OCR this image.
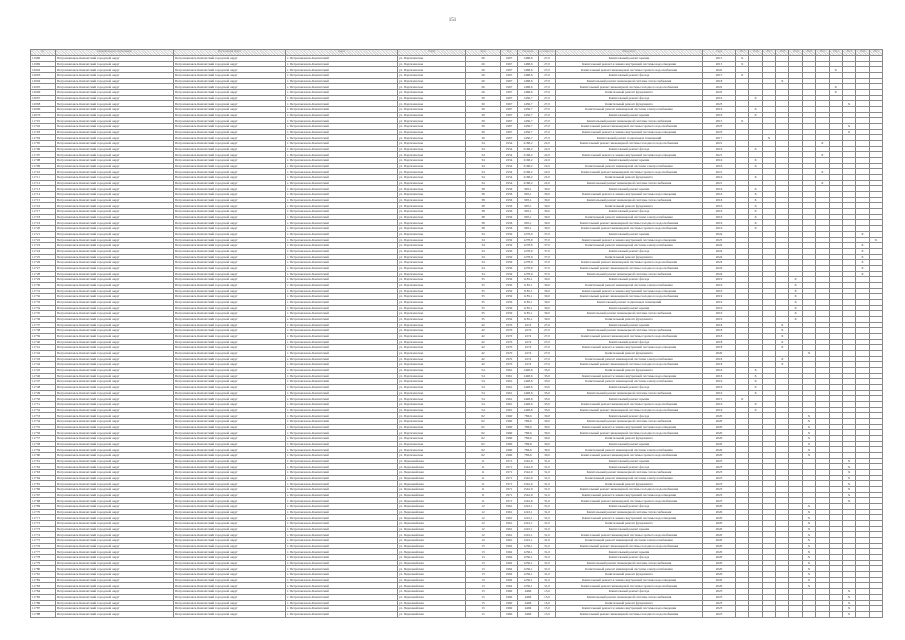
151
№	Муниципальное образование	Населенный пункт	Адрес	Улица	Дом	Год	Площадь	Стоимость	Вид работ	Срок	2015	2016	2017	2018	2019	2020	2021	2022	2023	2024	2025
11966	Петропавловск-Камчатский городской округ	Петропавловск-Камчатский городской округ	г. Петропавловск-Камчатский	ул. Партизанская	26	1967	1468,6	27,0	Капитальный ремонт крыши	2015	X										
11969	Петропавловск-Камчатский городской округ	Петропавловск-Камчатский городской округ	г. Петропавловск-Камчатский	ул. Партизанская	26	1967	1468,6	27,0	Капитальный ремонт и замена внутренней системы водоотведения	2015	X										
12062	Петропавловск-Камчатский городской округ	Петропавловск-Камчатский городской округ	г. Петропавловск-Камчатский	ул. Партизанская	26	1967	1468,6	27,0	Капитальный ремонт инженерной системы горячего водоснабжения	2022								X			
12063	Петропавловск-Камчатский городской округ	Петропавловск-Камчатский городской округ	г. Петропавловск-Камчатский	ул. Партизанская	26	1967	1468,6	27,0	Капитальный ремонт фасада	2015	X										
12064	Петропавловск-Камчатский городской округ	Петропавловск-Камчатский городской округ	г. Петропавловск-Камчатский	ул. Партизанская	26	1967	1468,6	27,0	Капитальный ремонт инженерной системы теплоснабжения	2018				X							
12065	Петропавловск-Камчатский городской округ	Петропавловск-Камчатский городской округ	г. Петропавловск-Камчатский	ул. Партизанская	26	1967	1468,6	27,0	Капитальный ремонт инженерной системы холодного водоснабжения	2022								X			
12066	Петропавловск-Камчатский городской округ	Петропавловск-Камчатский городской округ	г. Петропавловск-Камчатский	ул. Партизанская	26	1967	1468,6	27,0	Капитальный ремонт фундамента	2022								X			
12067	Петропавловск-Камчатский городской округ	Петропавловск-Камчатский городской округ	г. Петропавловск-Камчатский	ул. Партизанская	30	1967	1436,7	27,0	Капитальный ремонт фасада	2016		X									
12068	Петропавловск-Камчатский городской округ	Петропавловск-Камчатский городской округ	г. Петропавловск-Камчатский	ул. Партизанская	30	1967	1436,7	27,0	Капитальный ремонт фундамента	2023									X		
12069	Петропавловск-Камчатский городской округ	Петропавловск-Камчатский городской округ	г. Петропавловск-Камчатский	ул. Партизанская	30	1967	1436,7	27,0	Капитальный ремонт инженерной системы электроснабжения	2016		X									
12070	Петропавловск-Камчатский городской округ	Петропавловск-Камчатский городской округ	г. Петропавловск-Камчатский	ул. Партизанская	30	1967	1436,7	27,0	Капитальный ремонт крыши	2016		X									
11701	Петропавловск-Камчатский городской округ	Петропавловск-Камчатский городской округ	г. Петропавловск-Камчатский	ул. Партизанская	30	1967	1436,7	27,0	Капитальный ремонт инженерной системы теплоснабжения	2015	X										
11702	Петропавловск-Камчатский городской округ	Петропавловск-Камчатский городской округ	г. Петропавловск-Камчатский	ул. Партизанская	30	1967	1436,7	27,0	Капитальный ремонт инженерной системы горячего водоснабжения	2023									X		
11703	Петропавловск-Камчатский городской округ	Петропавловск-Камчатский городской округ	г. Петропавловск-Камчатский	ул. Партизанская	30	1967	1436,7	27,0	Капитальный ремонт и замена внутренней системы водоотведения	2023									X		
11704	Петропавловск-Камчатский городской округ	Петропавловск-Камчатский городской округ	г. Петропавловск-Камчатский	ул. Партизанская	30	1967	1436,7	27,0	Капитальный ремонт подвальных помещений	2017			X								
11705	Петропавловск-Камчатский городской округ	Петропавловск-Камчатский городской округ	г. Петропавловск-Камчатский	ул. Партизанская	34	1954	2168,2	22,0	Капитальный ремонт инженерной системы холодного водоснабжения	2021							X				
11706	Петропавловск-Камчатский городской округ	Петропавловск-Камчатский городской округ	г. Петропавловск-Камчатский	ул. Партизанская	34	1954	2168,2	22,0	Капитальный ремонт фасада	2016		X									
11707	Петропавловск-Камчатский городской округ	Петропавловск-Камчатский городской округ	г. Петропавловск-Камчатский	ул. Партизанская	34	1954	2168,2	22,0	Капитальный ремонт и замена внутренней системы водоотведения	2021							X				
11708	Петропавловск-Камчатский городской округ	Петропавловск-Камчатский городской округ	г. Петропавловск-Камчатский	ул. Партизанская	34	1954	2168,2	22,0	Капитальный ремонт крыши	2016		X									
11709	Петропавловск-Камчатский городской округ	Петропавловск-Камчатский городской округ	г. Петропавловск-Камчатский	ул. Партизанская	34	1954	2168,2	22,0	Капитальный ремонт инженерной системы электроснабжения	2016		X									
11710	Петропавловск-Камчатский городской округ	Петропавловск-Камчатский городской округ	г. Петропавловск-Камчатский	ул. Партизанская	34	1954	2168,2	22,0	Капитальный ремонт инженерной системы горячего водоснабжения	2021							X				
11711	Петропавловск-Камчатский городской округ	Петропавловск-Камчатский городской округ	г. Петропавловск-Камчатский	ул. Партизанская	34	1954	2168,2	22,0	Капитальный ремонт фундамента	2016		X									
11712	Петропавловск-Камчатский городской округ	Петропавловск-Камчатский городской округ	г. Петропавловск-Камчатский	ул. Партизанская	34	1954	2168,2	22,0	Капитальный ремонт инженерной системы теплоснабжения	2021							X				
11713	Петропавловск-Камчатский городской округ	Петропавловск-Камчатский городской округ	г. Петропавловск-Камчатский	ул. Партизанская	38	1956	995,1	30,0	Капитальный ремонт крыши	2016		X									
11714	Петропавловск-Камчатский городской округ	Петропавловск-Камчатский городской округ	г. Петропавловск-Камчатский	ул. Партизанская	38	1956	995,1	30,0	Капитальный ремонт и замена внутренней системы водоотведения	2016		X									
11715	Петропавловск-Камчатский городской округ	Петропавловск-Камчатский городской округ	г. Петропавловск-Камчатский	ул. Партизанская	38	1956	995,1	30,0	Капитальный ремонт инженерной системы теплоснабжения	2016		X									
11716	Петропавловск-Камчатский городской округ	Петропавловск-Камчатский городской округ	г. Петропавловск-Камчатский	ул. Партизанская	38	1956	995,1	30,0	Капитальный ремонт фундамента	2016		X									
11717	Петропавловск-Камчатский городской округ	Петропавловск-Камчатский городской округ	г. Петропавловск-Камчатский	ул. Партизанская	38	1956	995,1	30,0	Капитальный ремонт фасада	2016		X									
11718	Петропавловск-Камчатский городской округ	Петропавловск-Камчатский городской округ	г. Петропавловск-Камчатский	ул. Партизанская	38	1956	995,1	30,0	Капитальный ремонт инженерной системы электроснабжения	2016		X									
11719	Петропавловск-Камчатский городской округ	Петропавловск-Камчатский городской округ	г. Петропавловск-Камчатский	ул. Партизанская	38	1956	995,1	30,0	Капитальный ремонт инженерной системы холодного водоснабжения	2016		X									
11720	Петропавловск-Камчатский городской округ	Петропавловск-Камчатский городской округ	г. Петропавловск-Камчатский	ул. Партизанская	38	1956	995,1	30,0	Капитальный ремонт инженерной системы горячего водоснабжения	2016		X									
11721	Петропавловск-Камчатский городской округ	Петропавловск-Камчатский городской округ	г. Петропавловск-Камчатский	ул. Партизанская	34	1959	1278,9	37,0	Капитальный ремонт крыши	2024										X	
11722	Петропавловск-Камчатский городской округ	Петропавловск-Камчатский городской округ	г. Петропавловск-Камчатский	ул. Партизанская	34	1959	1278,9	37,0	Капитальный ремонт и замена внутренней системы водоотведения	2025											X
11723	Петропавловск-Камчатский городской округ	Петропавловск-Камчатский городской округ	г. Петропавловск-Камчатский	ул. Партизанская	34	1959	1278,9	37,0	Капитальный ремонт инженерной системы электроснабжения	2024										X	
11724	Петропавловск-Камчатский городской округ	Петропавловск-Камчатский городской округ	г. Петропавловск-Камчатский	ул. Партизанская	34	1959	1278,9	37,0	Капитальный ремонт фасада	2024										X	
11725	Петропавловск-Камчатский городской округ	Петропавловск-Камчатский городской округ	г. Петропавловск-Камчатский	ул. Партизанская	34	1959	1278,9	37,0	Капитальный ремонт фундамента	2024										X	
11726	Петропавловск-Камчатский городской округ	Петропавловск-Камчатский городской округ	г. Петропавловск-Камчатский	ул. Партизанская	34	1959	1278,9	37,0	Капитальный ремонт инженерной системы горячего водоснабжения	2024										X	
11727	Петропавловск-Камчатский городской округ	Петропавловск-Камчатский городской округ	г. Петропавловск-Камчатский	ул. Партизанская	34	1959	1278,9	37,0	Капитальный ремонт инженерной системы холодного водоснабжения	2024										X	
11728	Петропавловск-Камчатский городской округ	Петропавловск-Камчатский городской округ	г. Петропавловск-Камчатский	ул. Партизанская	34	1959	1278,9	37,0	Капитальный ремонт инженерной системы теплоснабжения	2024										X	
11729	Петропавловск-Камчатский городской округ	Петропавловск-Камчатский городской округ	г. Петропавловск-Камчатский	ул. Партизанская	35	1959	1185,1	30,0	Капитальный ремонт фасада	2019					X						
11730	Петропавловск-Камчатский городской округ	Петропавловск-Камчатский городской округ	г. Петропавловск-Камчатский	ул. Партизанская	35	1959	1185,1	30,0	Капитальный ремонт инженерной системы электроснабжения	2019					X						
11731	Петропавловск-Камчатский городской округ	Петропавловск-Камчатский городской округ	г. Петропавловск-Камчатский	ул. Партизанская	35	1959	1185,1	30,0	Капитальный ремонт и замена внутренней системы водоотведения	2019					X						
11732	Петропавловск-Камчатский городской округ	Петропавловск-Камчатский городской округ	г. Петропавловск-Камчатский	ул. Партизанская	35	1959	1185,1	30,0	Капитальный ремонт инженерной системы холодного водоснабжения	2019					X						
11733	Петропавловск-Камчатский городской округ	Петропавловск-Камчатский городской округ	г. Петропавловск-Камчатский	ул. Партизанская	35	1959	1185,1	30,0	Капитальный ремонт подвальных помещений	2019					X						
11734	Петропавловск-Камчатский городской округ	Петропавловск-Камчатский городской округ	г. Петропавловск-Камчатский	ул. Партизанская	35	1959	1185,1	30,0	Капитальный ремонт крыши	2019					X						
11735	Петропавловск-Камчатский городской округ	Петропавловск-Камчатский городской округ	г. Петропавловск-Камчатский	ул. Партизанская	35	1959	1185,1	30,0	Капитальный ремонт инженерной системы теплоснабжения	2019					X						
11736	Петропавловск-Камчатский городской округ	Петропавловск-Камчатский городской округ	г. Петропавловск-Камчатский	ул. Партизанская	35	1959	1185,1	30,0	Капитальный ремонт фундамента	2019					X						
11737	Петропавловск-Камчатский городской округ	Петропавловск-Камчатский городской округ	г. Петропавловск-Камчатский	ул. Партизанская	42	1970	2274	27,0	Капитальный ремонт крыши	2018				X							
11738	Петропавловск-Камчатский городской округ	Петропавловск-Камчатский городской округ	г. Петропавловск-Камчатский	ул. Партизанская	42	1970	2274	27,0	Капитальный ремонт инженерной системы теплоснабжения	2018				X							
11739	Петропавловск-Камчатский городской округ	Петропавловск-Камчатский городской округ	г. Петропавловск-Камчатский	ул. Партизанская	42	1970	2274	27,0	Капитальный ремонт инженерной системы горячего водоснабжения	2018				X							
11740	Петропавловск-Камчатский городской округ	Петропавловск-Камчатский городской округ	г. Петропавловск-Камчатский	ул. Партизанская	42	1970	2274	27,0	Капитальный ремонт фасада	2018				X							
11741	Петропавловск-Камчатский городской округ	Петропавловск-Камчатский городской округ	г. Петропавловск-Камчатский	ул. Партизанская	42	1970	2274	27,0	Капитальный ремонт и замена внутренней системы водоотведения	2018				X							
11742	Петропавловск-Камчатский городской округ	Петропавловск-Камчатский городской округ	г. Петропавловск-Камчатский	ул. Партизанская	42	1970	2274	27,0	Капитальный ремонт фундамента	2020						X					
11743	Петропавловск-Камчатский городской округ	Петропавловск-Камчатский городской округ	г. Петропавловск-Камчатский	ул. Партизанская	42	1970	2274	27,0	Капитальный ремонт инженерной системы электроснабжения	2018				X							
11744	Петропавловск-Камчатский городской округ	Петропавловск-Камчатский городской округ	г. Петропавловск-Камчатский	ул. Партизанская	42	1970	2274	27,0	Капитальный ремонт инженерной системы холодного водоснабжения	2018				X							
11745	Петропавловск-Камчатский городской округ	Петропавловск-Камчатский городской округ	г. Петропавловск-Камчатский	ул. Партизанская	54	1961	1448,6	33,0	Капитальный ремонт фундамента	2016		X									
11746	Петропавловск-Камчатский городской округ	Петропавловск-Камчатский городской округ	г. Петропавловск-Камчатский	ул. Партизанская	54	1961	1448,6	33,0	Капитальный ремонт и замена внутренней системы водоотведения	2016		X									
11747	Петропавловск-Камчатский городской округ	Петропавловск-Камчатский городской округ	г. Петропавловск-Камчатский	ул. Партизанская	54	1961	1448,6	33,0	Капитальный ремонт инженерной системы электроснабжения	2016		X									
11748	Петропавловск-Камчатский городской округ	Петропавловск-Камчатский городской округ	г. Петропавловск-Камчатский	ул. Партизанская	54	1961	1448,6	33,0	Капитальный ремонт фасада	2016		X									
11749	Петропавловск-Камчатский городской округ	Петропавловск-Камчатский городской округ	г. Петропавловск-Камчатский	ул. Партизанская	54	1961	1448,6	33,0	Капитальный ремонт инженерной системы теплоснабжения	2016		X									
11750	Петропавловск-Камчатский городской округ	Петропавловск-Камчатский городской округ	г. Петропавловск-Камчатский	ул. Партизанская	54	1961	1448,6	33,0	Капитальный ремонт крыши	2015	X										
11751	Петропавловск-Камчатский городской округ	Петропавловск-Камчатский городской округ	г. Петропавловск-Камчатский	ул. Партизанская	54	1961	1448,6	33,0	Капитальный ремонт инженерной системы горячего водоснабжения	2016		X									
11752	Петропавловск-Камчатский городской округ	Петропавловск-Камчатский городской округ	г. Петропавловск-Камчатский	ул. Партизанская	54	1961	1448,6	33,0	Капитальный ремонт инженерной системы холодного водоснабжения	2016		X									
11753	Петропавловск-Камчатский городской округ	Петропавловск-Камчатский городской округ	г. Петропавловск-Камчатский	ул. Партизанская	62	1960	786,6	30,0	Капитальный ремонт фасада	2020						X					
11754	Петропавловск-Камчатский городской округ	Петропавловск-Камчатский городской округ	г. Петропавловск-Камчатский	ул. Партизанская	62	1960	786,6	30,0	Капитальный ремонт инженерной системы теплоснабжения	2020						X					
11755	Петропавловск-Камчатский городской округ	Петропавловск-Камчатский городской округ	г. Петропавловск-Камчатский	ул. Партизанская	62	1960	786,6	30,0	Капитальный ремонт и замена внутренней системы водоотведения	2020						X					
11756	Петропавловск-Камчатский городской округ	Петропавловск-Камчатский городской округ	г. Петропавловск-Камчатский	ул. Партизанская	62	1960	786,6	30,0	Капитальный ремонт инженерной системы холодного водоснабжения	2020						X					
11757	Петропавловск-Камчатский городской округ	Петропавловск-Камчатский городской округ	г. Петропавловск-Камчатский	ул. Партизанская	62	1960	786,6	30,0	Капитальный ремонт фундамента	2020						X					
11758	Петропавловск-Камчатский городской округ	Петропавловск-Камчатский городской округ	г. Петропавловск-Камчатский	ул. Партизанская	62	1960	786,6	30,0	Капитальный ремонт крыши	2020						X					
11759	Петропавловск-Камчатский городской округ	Петропавловск-Камчатский городской округ	г. Петропавловск-Камчатский	ул. Партизанская	62	1960	786,6	30,0	Капитальный ремонт инженерной системы электроснабжения	2020						X					
11760	Петропавловск-Камчатский городской округ	Петропавловск-Камчатский городской округ	г. Петропавловск-Камчатский	ул. Партизанская	62	1960	786,6	30,0	Капитальный ремонт инженерной системы горячего водоснабжения	2020						X					
11761	Петропавловск-Камчатский городской округ	Петропавловск-Камчатский городской округ	г. Петропавловск-Камчатский	ул. Первомайская	11	1971	1542,9	31,0	Капитальный ремонт крыши	2023									X		
11762	Петропавловск-Камчатский городской округ	Петропавловск-Камчатский городской округ	г. Петропавловск-Камчатский	ул. Первомайская	11	1971	1542,9	31,0	Капитальный ремонт фасада	2023									X		
11763	Петропавловск-Камчатский городской округ	Петропавловск-Камчатский городской округ	г. Петропавловск-Камчатский	ул. Первомайская	11	1971	1542,9	31,0	Капитальный ремонт инженерной системы теплоснабжения	2023									X		
11764	Петропавловск-Камчатский городской округ	Петропавловск-Камчатский городской округ	г. Петропавловск-Камчатский	ул. Первомайская	11	1971	1542,9	31,0	Капитальный ремонт инженерной системы электроснабжения	2023									X		
11765	Петропавловск-Камчатский городской округ	Петропавловск-Камчатский городской округ	г. Петропавловск-Камчатский	ул. Первомайская	11	1971	1542,9	31,0	Капитальный ремонт фундамента	2023									X		
11766	Петропавловск-Камчатский городской округ	Петропавловск-Камчатский городской округ	г. Петропавловск-Камчатский	ул. Первомайская	11	1971	1542,9	31,0	Капитальный ремонт инженерной системы холодного водоснабжения	2023									X		
11767	Петропавловск-Камчатский городской округ	Петропавловск-Камчатский городской округ	г. Петропавловск-Камчатский	ул. Первомайская	11	1971	1542,9	31,0	Капитальный ремонт и замена внутренней системы водоотведения	2023									X		
11768	Петропавловск-Камчатский городской округ	Петропавловск-Камчатский городской округ	г. Петропавловск-Камчатский	ул. Первомайская	11	1971	1542,9	31,0	Капитальный ремонт инженерной системы горячего водоснабжения	2023									X		
11769	Петропавловск-Камчатский городской округ	Петропавловск-Камчатский городской округ	г. Петропавловск-Камчатский	ул. Первомайская	12	1961	1222,1	31,0	Капитальный ремонт фасада	2020						X					
11770	Петропавловск-Камчатский городской округ	Петропавловск-Камчатский городской округ	г. Петропавловск-Камчатский	ул. Первомайская	12	1961	1222,1	31,0	Капитальный ремонт инженерной системы теплоснабжения	2020						X					
11771	Петропавловск-Камчатский городской округ	Петропавловск-Камчатский городской округ	г. Петропавловск-Камчатский	ул. Первомайская	12	1961	1222,1	31,0	Капитальный ремонт и замена внутренней системы водоотведения	2020						X					
11772	Петропавловск-Камчатский городской округ	Петропавловск-Камчатский городской округ	г. Петропавловск-Камчатский	ул. Первомайская	12	1961	1222,1	31,0	Капитальный ремонт фундамента	2020						X					
11773	Петропавловск-Камчатский городской округ	Петропавловск-Камчатский городской округ	г. Петропавловск-Камчатский	ул. Первомайская	12	1961	1222,1	31,0	Капитальный ремонт крыши	2020						X					
11774	Петропавловск-Камчатский городской округ	Петропавловск-Камчатский городской округ	г. Петропавловск-Камчатский	ул. Первомайская	12	1961	1222,1	31,0	Капитальный ремонт инженерной системы горячего водоснабжения	2020						X					
11775	Петропавловск-Камчатский городской округ	Петропавловск-Камчатский городской округ	г. Петропавловск-Камчатский	ул. Первомайская	12	1961	1222,1	31,0	Капитальный ремонт инженерной системы электроснабжения	2020						X					
11776	Петропавловск-Камчатский городской округ	Петропавловск-Камчатский городской округ	г. Петропавловск-Камчатский	ул. Первомайская	13	1962	1236,1	31,0	Капитальный ремонт инженерной системы холодного водоснабжения	2020						X					
11777	Петропавловск-Камчатский городской округ	Петропавловск-Камчатский городской округ	г. Петропавловск-Камчатский	ул. Первомайская	13	1962	1236,1	31,0	Капитальный ремонт крыши	2020						X					
11778	Петропавловск-Камчатский городской округ	Петропавловск-Камчатский городской округ	г. Петропавловск-Камчатский	ул. Первомайская	13	1962	1236,1	31,0	Капитальный ремонт фасада	2020						X					
11779	Петропавловск-Камчатский городской округ	Петропавловск-Камчатский городской округ	г. Петропавловск-Камчатский	ул. Первомайская	13	1962	1236,1	31,0	Капитальный ремонт инженерной системы теплоснабжения	2020						X					
11780	Петропавловск-Камчатский городской округ	Петропавловск-Камчатский городской округ	г. Петропавловск-Камчатский	ул. Первомайская	13	1962	1236,1	31,0	Капитальный ремонт инженерной системы электроснабжения	2020						X					
11781	Петропавловск-Камчатский городской округ	Петропавловск-Камчатский городской округ	г. Петропавловск-Камчатский	ул. Первомайская	13	1962	1236,1	31,0	Капитальный ремонт фундамента	2020						X					
11782	Петропавловск-Камчатский городской округ	Петропавловск-Камчатский городской округ	г. Петропавловск-Камчатский	ул. Первомайская	13	1962	1236,1	31,0	Капитальный ремонт и замена внутренней системы водоотведения	2020						X					
11783	Петропавловск-Камчатский городской округ	Петропавловск-Камчатский городской округ	г. Петропавловск-Камчатский	ул. Первомайская	13	1962	1236,1	31,0	Капитальный ремонт инженерной системы горячего водоснабжения	2020						X					
11784	Петропавловск-Камчатский городской округ	Петропавловск-Камчатский городской округ	г. Петропавловск-Камчатский	ул. Первомайская	15	1960	4466	15,0	Капитальный ремонт фасада	2023									X		
11785	Петропавловск-Камчатский городской округ	Петропавловск-Камчатский городской округ	г. Петропавловск-Камчатский	ул. Первомайская	15	1960	4466	15,0	Капитальный ремонт инженерной системы теплоснабжения	2023									X		
11786	Петропавловск-Камчатский городской округ	Петропавловск-Камчатский городской округ	г. Петропавловск-Камчатский	ул. Первомайская	15	1960	4466	15,0	Капитальный ремонт фундамента	2023									X		
11787	Петропавловск-Камчатский городской округ	Петропавловск-Камчатский городской округ	г. Петропавловск-Камчатский	ул. Первомайская	15	1960	4466	15,0	Капитальный ремонт и замена внутренней системы водоотведения	2023									X		
11788	Петропавловск-Камчатский городской округ	Петропавловск-Камчатский городской округ	г. Петропавловск-Камчатский	ул. Первомайская	15	1960	4466	15,0	Капитальный ремонт инженерной системы холодного водоснабжения	2023									X		
